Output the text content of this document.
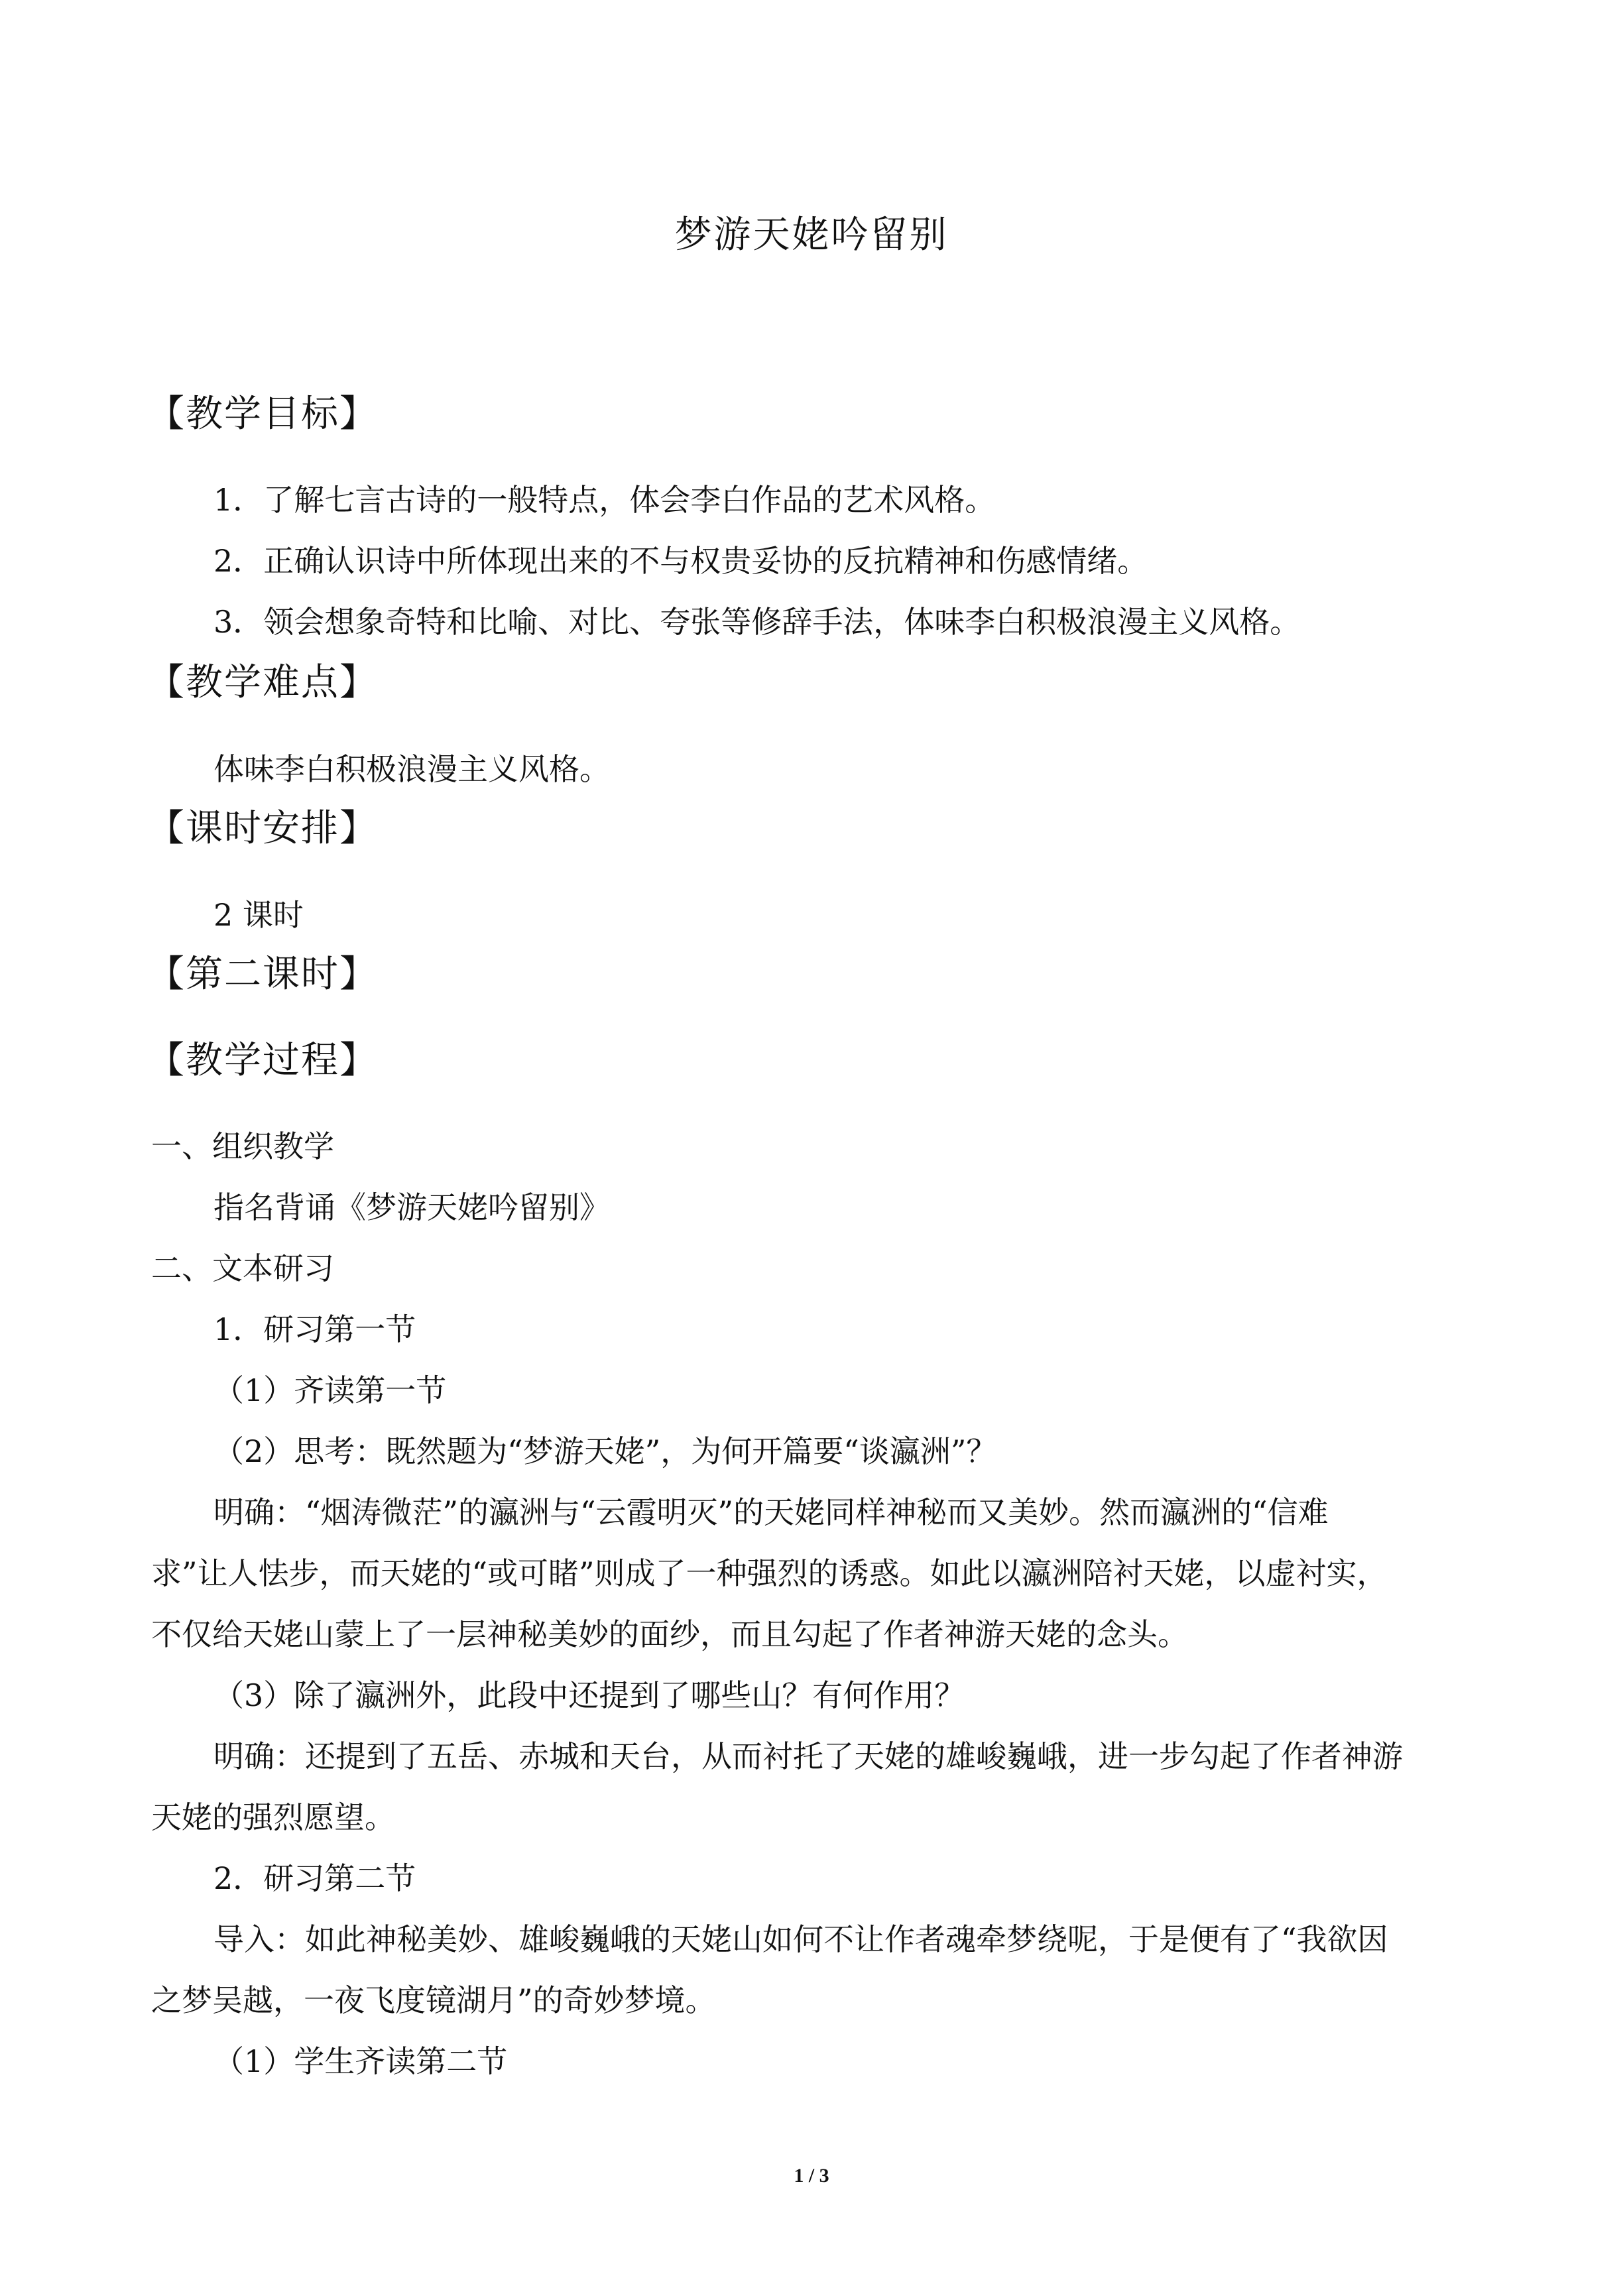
梦游天姥吟留别
【教学目标】
1．了解七言古诗的一般特点，体会李白作品的艺术风格。
2．正确认识诗中所体现出来的不与权贵妥协的反抗精神和伤感情绪。
3．领会想象奇特和比喻、对比、夸张等修辞手法，体味李白积极浪漫主义风格。
【教学难点】
体味李白积极浪漫主义风格。
【课时安排】
2 课时
【第二课时】
【教学过程】
一、组织教学
指名背诵《梦游天姥吟留别》
二、文本研习
1．研习第一节
（1）齐读第一节
（2）思考：既然题为“梦游天姥”，为何开篇要“谈瀛洲”？
明确：“烟涛微茫”的瀛洲与“云霞明灭”的天姥同样神秘而又美妙。然而瀛洲的“信难
求”让人怯步，而天姥的“或可睹”则成了一种强烈的诱惑。如此以瀛洲陪衬天姥，以虚衬实，
不仅给天姥山蒙上了一层神秘美妙的面纱，而且勾起了作者神游天姥的念头。
（3）除了瀛洲外，此段中还提到了哪些山？有何作用？
明确：还提到了五岳、赤城和天台，从而衬托了天姥的雄峻巍峨，进一步勾起了作者神游
天姥的强烈愿望。
2．研习第二节
导入：如此神秘美妙、雄峻巍峨的天姥山如何不让作者魂牵梦绕呢，于是便有了“我欲因
之梦吴越，一夜飞度镜湖月”的奇妙梦境。
（1）学生齐读第二节
1 / 3
